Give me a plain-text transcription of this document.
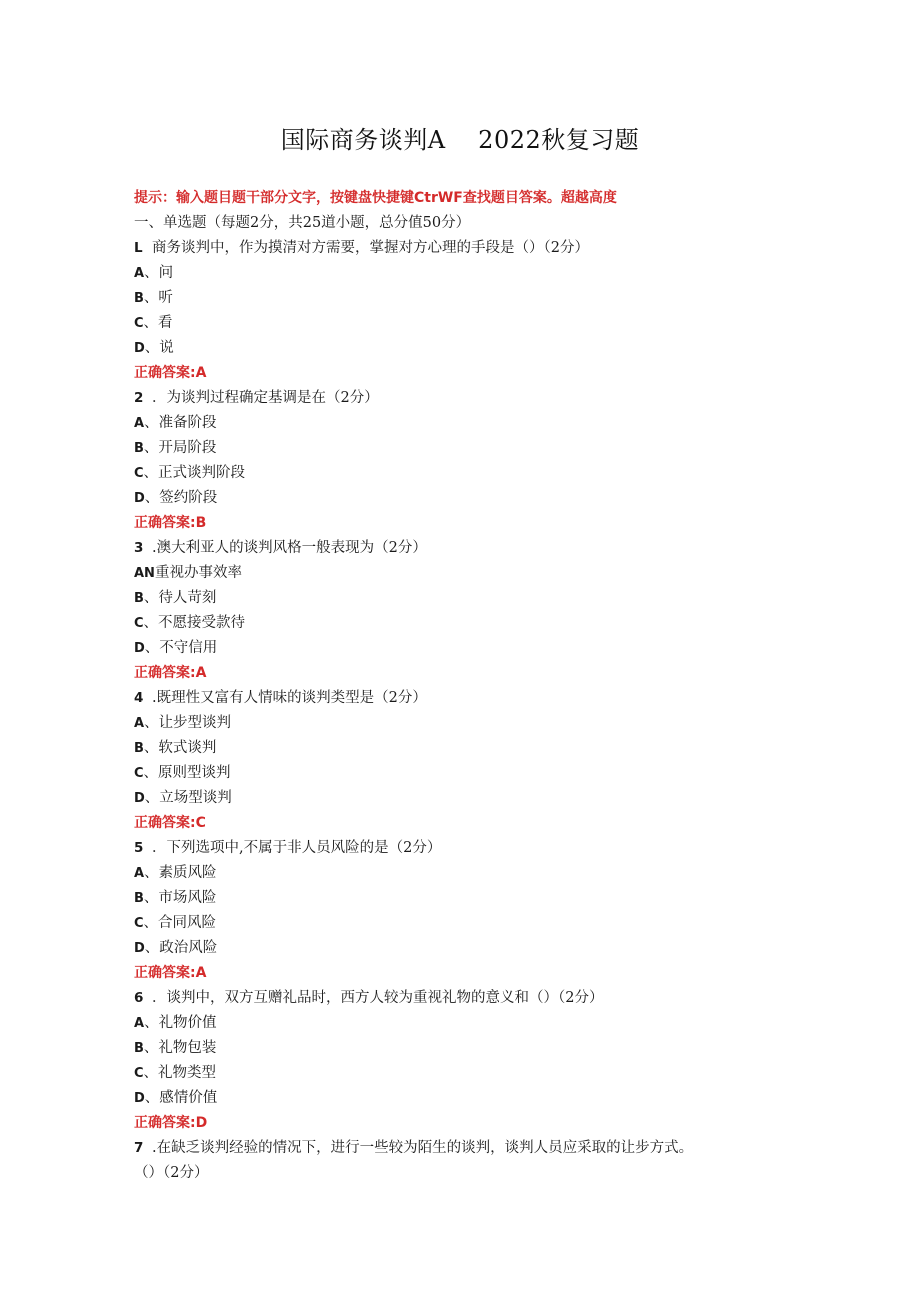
国际商务谈判A　 2022秋复习题
提示：输入题目题干部分文字，按键盘快捷键CtrWF查找题目答案。超越高度
一、单选题（每题2分，共25道小题，总分值50分）
L 商务谈判中，作为摸清对方需要，掌握对方心理的手段是（）（2分）
A、问
B、听
C、看
D、说
正确答案:A
2 ．为谈判过程确定基调是在（2分）
A、准备阶段
B、开局阶段
C、正式谈判阶段
D、签约阶段
正确答案:B
3 .澳大利亚人的谈判风格一般表现为（2分）
AN重视办事效率
B、待人苛刻
C、不愿接受款待
D、不守信用
正确答案:A
4 .既理性又富有人情味的谈判类型是（2分）
A、让步型谈判
B、软式谈判
C、原则型谈判
D、立场型谈判
正确答案:C
5 ．下列选项中,不属于非人员风险的是（2分）
A、素质风险
B、市场风险
C、合同风险
D、政治风险
正确答案:A
6 ．谈判中，双方互赠礼品时，西方人较为重视礼物的意义和（）（2分）
A、礼物价值
B、礼物包装
C、礼物类型
D、感情价值
正确答案:D
7 .在缺乏谈判经验的情况下，进行一些较为陌生的谈判，谈判人员应采取的让步方式。
（）（2分）
